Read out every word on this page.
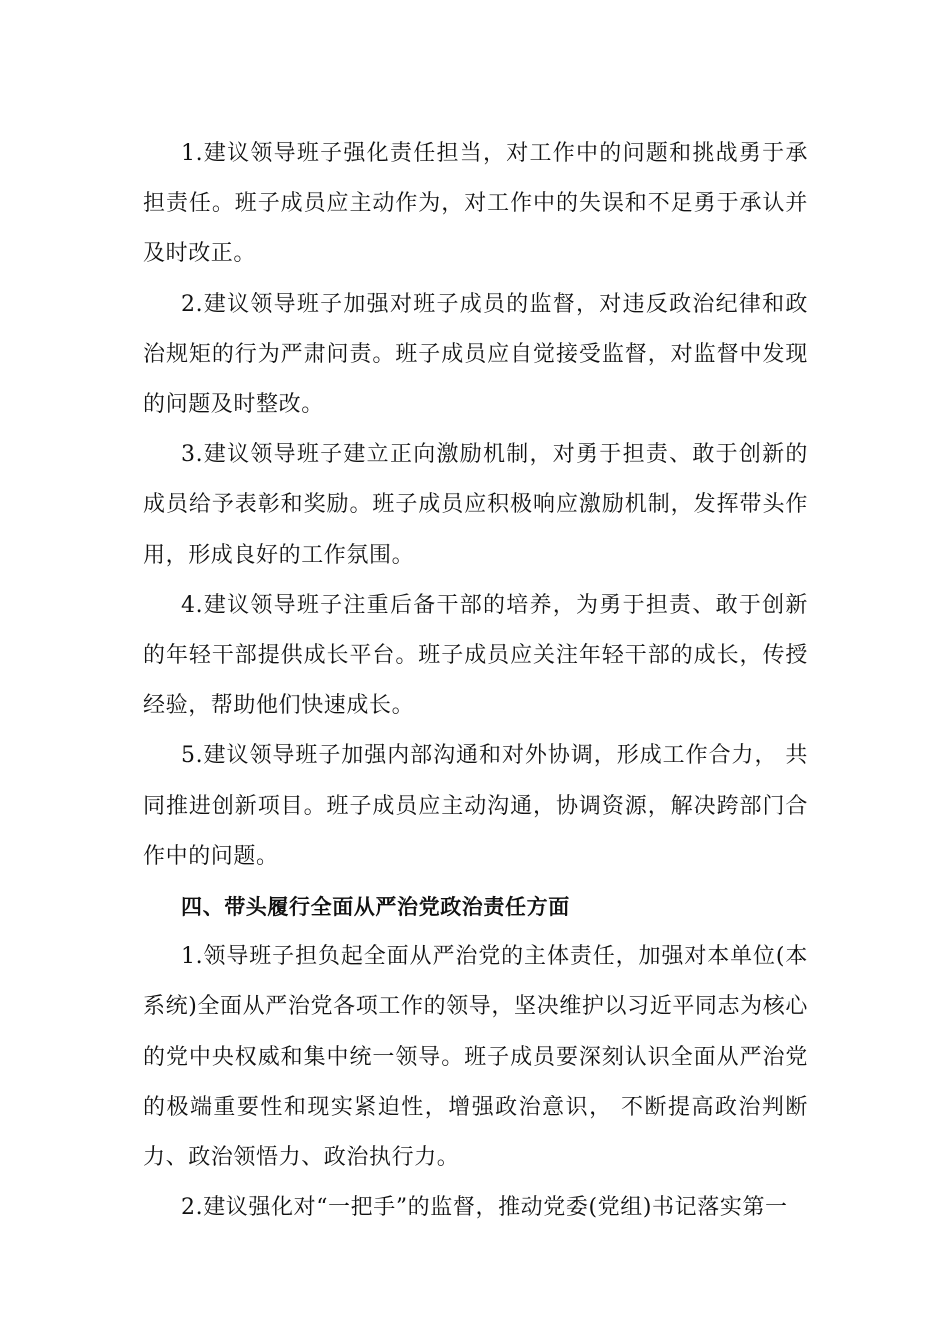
1.建议领导班子强化责任担当，对工作中的问题和挑战勇于承担责任。班子成员应主动作为，对工作中的失误和不足勇于承认并及时改正。

2.建议领导班子加强对班子成员的监督，对违反政治纪律和政治规矩的行为严肃问责。班子成员应自觉接受监督，对监督中发现的问题及时整改。

3.建议领导班子建立正向激励机制，对勇于担责、敢于创新的成员给予表彰和奖励。班子成员应积极响应激励机制，发挥带头作用，形成良好的工作氛围。

4.建议领导班子注重后备干部的培养，为勇于担责、敢于创新的年轻干部提供成长平台。班子成员应关注年轻干部的成长，传授经验，帮助他们快速成长。

5.建议领导班子加强内部沟通和对外协调，形成工作合力， 共同推进创新项目。班子成员应主动沟通，协调资源，解决跨部门合作中的问题。

四、带头履行全面从严治党政治责任方面

1.领导班子担负起全面从严治党的主体责任，加强对本单位(本系统)全面从严治党各项工作的领导，坚决维护以习近平同志为核心的党中央权威和集中统一领导。班子成员要深刻认识全面从严治党的极端重要性和现实紧迫性，增强政治意识， 不断提高政治判断力、政治领悟力、政治执行力。

2.建议强化对“一把手”的监督，推动党委(党组)书记落实第一
